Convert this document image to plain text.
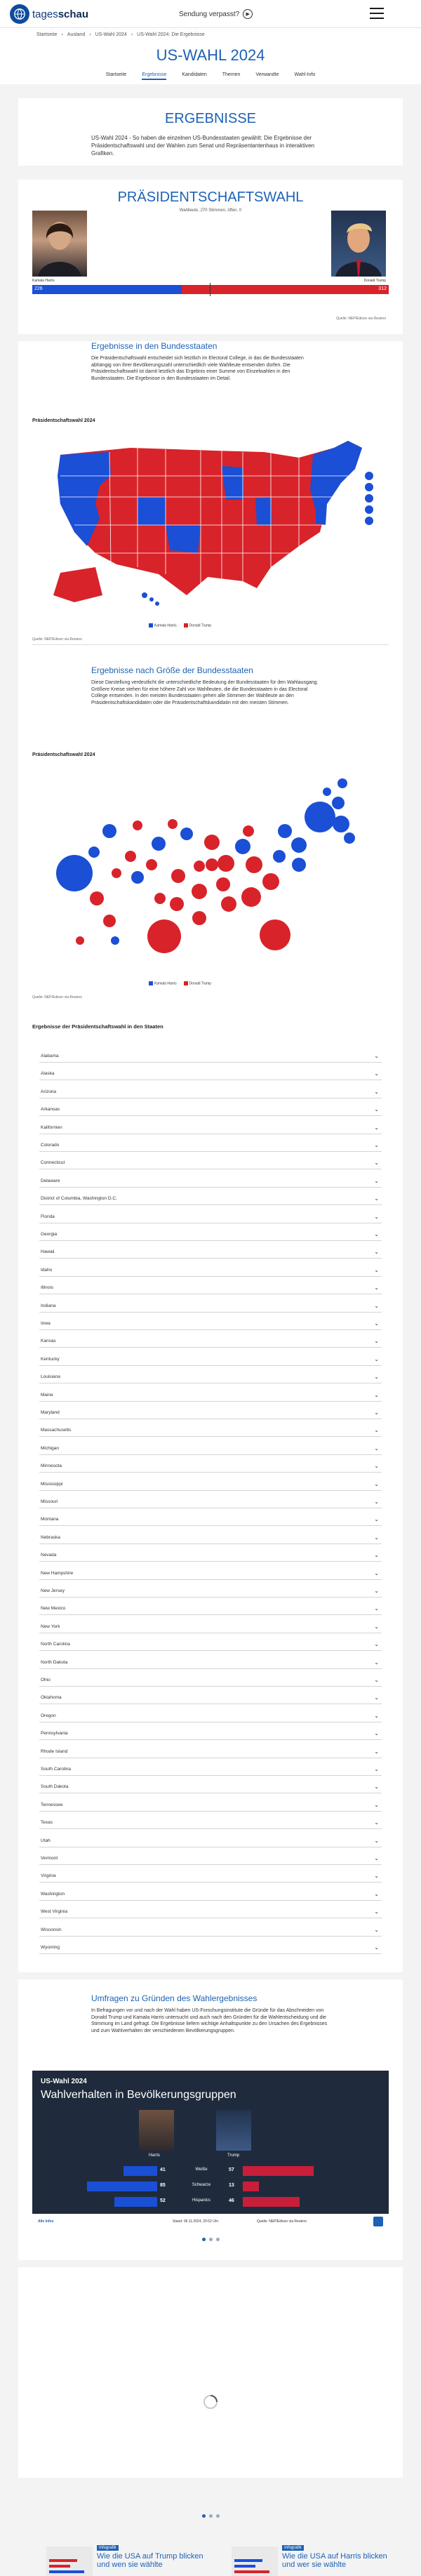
tagesschau	Sendung verpasst?	▶
Startseite › Ausland › US-Wahl 2024 › US-Wahl 2024: Die Ergebnisse
US-WAHL 2024
Startseite	Ergebnisse	Kandidaten	Themen	Verwandte	Wahl-Info
ERGEBNISSE
US-Wahl 2024 - So haben die einzelnen US-Bundesstaaten gewählt: Die Ergebnisse der Präsidentschaftswahl und der Wahlen zum Senat und Repräsentantenhaus in interaktiven Grafiken.
PRÄSIDENTSCHAFTSWAHL
Wahlleute, 270 Stimmen, öffen. 0
Kamala Harris	Donald Trump
226	312
Quelle: NEP/Edison via Reuters
Ergebnisse in den Bundesstaaten
Die Präsidentschaftswahl entscheidet sich letztlich im Electoral College, in das die Bundesstaaten abhängig von ihrer Bevölkerungszahl unterschiedlich viele Wahlleute entsenden dürfen. Die Präsidentschaftswahl ist damit letztlich das Ergebnis einer Summe von Einzelwahlen in den Bundesstaaten. Die Ergebnisse in den Bundesstaaten im Detail.
Präsidentschaftswahl 2024
Kamala Harris	Donald Trump
Quelle: NEP/Edison via Reuters
Ergebnisse nach Größe der Bundesstaaten
Diese Darstellung verdeutlicht die unterschiedliche Bedeutung der Bundesstaaten für den Wahlausgang. Größere Kreise stehen für eine höhere Zahl von Wahlleuten, die die Bundesstaaten in das Electoral College entsenden. In den meisten Bundesstaaten gehen alle Stimmen der Wahlleute an den Präsidentschaftskandidaten oder die Präsidentschaftskandidatin mit den meisten Stimmen.
Präsidentschaftswahl 2024
Kamala Harris	Donald Trump
Quelle: NEP/Edison via Reuters
Ergebnisse der Präsidentschaftswahl in den Staaten
Alabama	⌄
Alaska	⌄
Arizona	⌄
Arkansas	⌄
Kalifornien	⌄
Colorado	⌄
Connecticut	⌄
Delaware	⌄
District of Columbia, Washington D.C.	⌄
Florida	⌄
Georgia	⌄
Hawaii	⌄
Idaho	⌄
Illinois	⌄
Indiana	⌄
Iowa	⌄
Kansas	⌄
Kentucky	⌄
Louisiana	⌄
Maine	⌄
Maryland	⌄
Massachusetts	⌄
Michigan	⌄
Minnesota	⌄
Mississippi	⌄
Missouri	⌄
Montana	⌄
Nebraska	⌄
Nevada	⌄
New Hampshire	⌄
New Jersey	⌄
New Mexico	⌄
New York	⌄
North Carolina	⌄
North Dakota	⌄
Ohio	⌄
Oklahoma	⌄
Oregon	⌄
Pennsylvania	⌄
Rhode Island	⌄
South Carolina	⌄
South Dakota	⌄
Tennessee	⌄
Texas	⌄
Utah	⌄
Vermont	⌄
Virginia	⌄
Washington	⌄
West Virginia	⌄
Wisconsin	⌄
Wyoming	⌄
Umfragen zu Gründen des Wahlergebnisses
In Befragungen vor und nach der Wahl haben US-Forschungsinstitute die Gründe für das Abschneiden von Donald Trump und Kamala Harris untersucht und auch nach den Gründen für die Wahlentscheidung und die Stimmung im Land gefragt. Die Ergebnisse liefern wichtige Anhaltspunkte zu den Ursachen des Ergebnisses und zum Wahlverhalten der verschiedenen Bevölkerungsgruppen.
US-Wahl 2024
Wahlverhalten in Bevölkerungsgruppen
Harris	Trump
41	Weiße	57
85	Schwarze	13
52	Hispanics	46
Alle Infos	Stand: 06.11.2024, 20:52 Uhr	Quelle: NEP/Edison via Reuters
Infografik
Wie die USA auf Trump blicken und wen sie wählte
Infografik
Wie die USA auf Harris blicken und wer sie wählte
